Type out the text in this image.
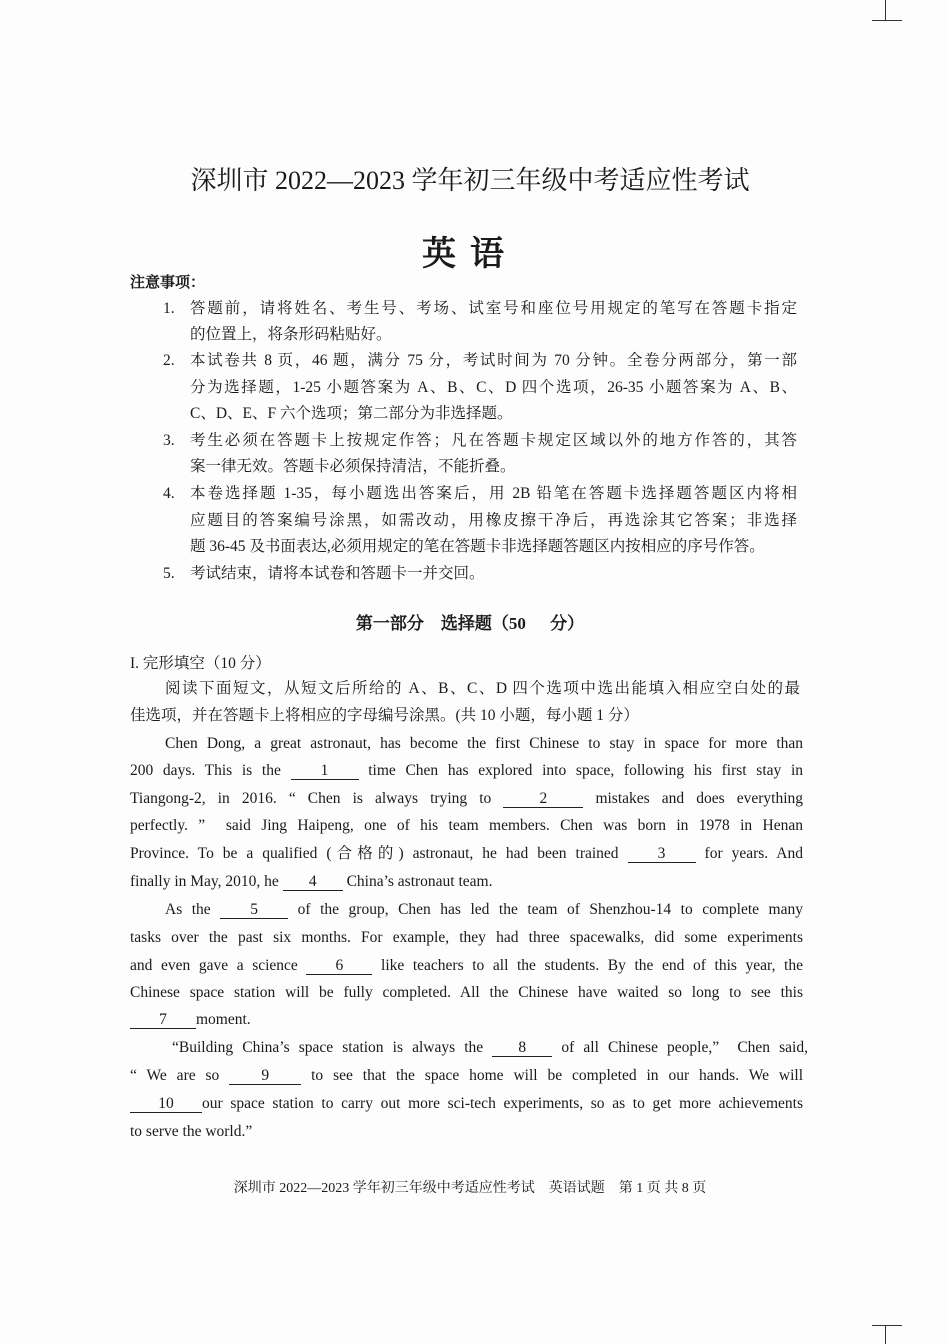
深圳市 2022—2023 学年初三年级中考适应性考试
英语
注意事项：
1. 答题前，请将姓名、考生号、考场、试室号和座位号用规定的笔写在答题卡指定
的位置上，将条形码粘贴好。
2. 本试卷共 8 页，46 题，满分 75 分，考试时间为 70 分钟。全卷分两部分，第一部
分为选择题，1-25 小题答案为 A、B、C、D 四个选项，26-35 小题答案为 A、B、
C、D、E、F 六个选项；第二部分为非选择题。
3. 考生必须在答题卡上按规定作答；凡在答题卡规定区域以外的地方作答的，其答
案一律无效。答题卡必须保持清洁，不能折叠。
4. 本卷选择题 1-35，每小题选出答案后，用 2B 铅笔在答题卡选择题答题区内将相
应题目的答案编号涂黑，如需改动，用橡皮擦干净后，再选涂其它答案；非选择
题 36-45 及书面表达,必须用规定的笔在答题卡非选择题答题区内按相应的序号作答。
5. 考试结束，请将本试卷和答题卡一并交回。
第一部分　选择题（50 分）
I. 完形填空（10 分）
阅读下面短文，从短文后所给的 A、B、C、D 四个选项中选出能填入相应空白处的最
佳选项，并在答题卡上将相应的字母编号涂黑。(共 10 小题，每小题 1 分）
Chen Dong, a great astronaut, has become the first Chinese to stay in space for more than
200 days. This is the 1 time Chen has explored into space, following his first stay in
Tiangong-2, in 2016. “ Chen is always trying to 2 mistakes and does everything
perfectly. ”  said Jing Haipeng, one of his team members. Chen was born in 1978 in Henan
Province. To be a qualified (合格的) astronaut, he had been trained 3 for years. And
finally in May, 2010, he 4 China’s astronaut team.
As the 5 of the group, Chen has led the team of Shenzhou-14 to complete many
tasks over the past six months. For example, they had three spacewalks, did some experiments
and even gave a science 6 like teachers to all the students. By the end of this year, the
Chinese space station will be fully completed. All the Chinese have waited so long to see this
7 moment.
“Building China’s space station is always the 8 of all Chinese people,”  Chen said,
“ We are so 9 to see that the space home will be completed in our hands. We will
10 our space station to carry out more sci-tech experiments, so as to get more achievements
to serve the world.”
深圳市 2022—2023 学年初三年级中考适应性考试　英语试题　第 1 页 共 8 页
